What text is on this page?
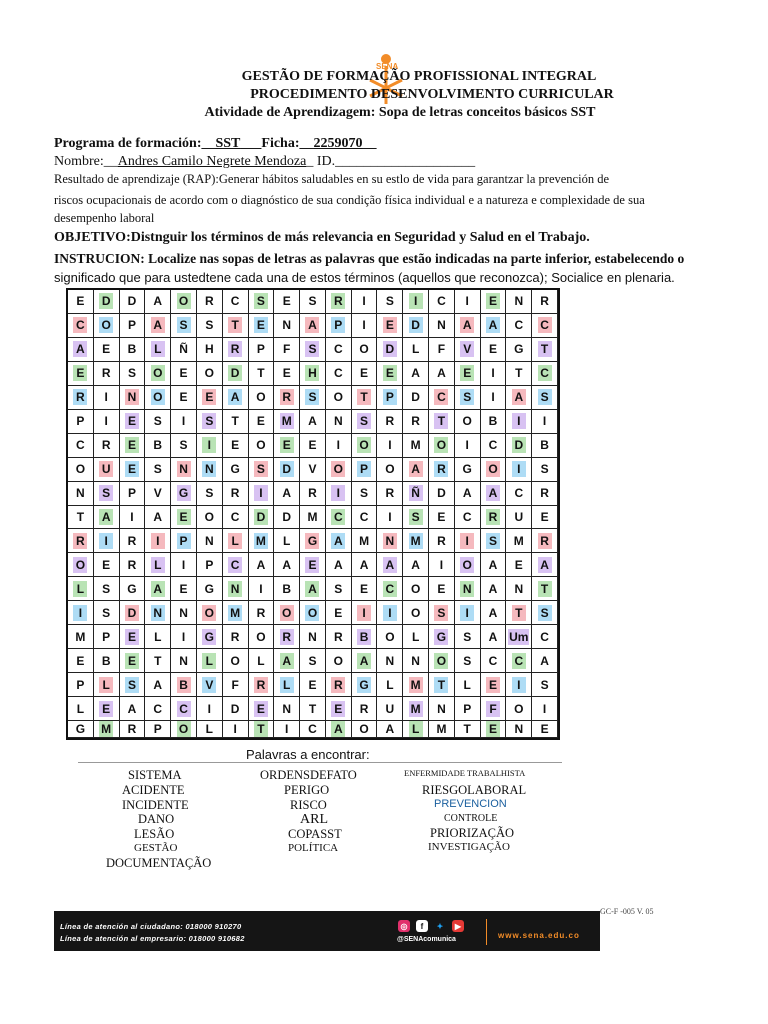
SENA
GESTÃO DE FORMAÇÃO PROFISSIONAL INTEGRAL
PROCEDIMENTO DESENVOLVIMENTO CURRICULAR
Atividade de Aprendizagem: Sopa de letras conceitos básicos SST
Programa de formación:__SST___Ficha:__2259070__
Nombre:__Andres Camilo Negrete Mendoza_ ID.____________________
Resultado de aprendizaje (RAP):Generar hábitos saludables en su estlo de vida para garantzar la prevención de
riscos ocupacionais de acordo com o diagnóstico de sua condição física individual e a natureza e complexidade de sua
desempenho laboral
OBJETIVO:Distnguir los términos de más relevancia en Seguridad y Salud en el Trabajo.
INSTRUCION: Localize nas sopas de letras as palavras que estão indicadas na parte inferior, estabelecendo o
significado que para ustedtene cada una de estos términos (aquellos que reconozca); Socialice en plenaria.
E D D A O R C S E S R	I	S	I	C	I	E N R
C O P A S S T E N A P	I	E D N A A C C
A E B L Ñ H R P F S C O D L F V E G T
E R S O E O D T E H C E E A A E	I	T C
R	I	N O E E A O R S O T P D C S	I	A S
P	I	E S	I	S T E M A N S R R T O B	I	I
C R E B S	I	E O E E	I	O	I	M O	I	C D B
O U E S N N G S D V O P O A R G O	I	S
N S P V G S R	I	A R	I	S R Ñ D A A C R
T A	I	A E O C D D M C C	I	S E C R U E
R	I	R	I	P N L M L G A M N M R	I	S M R
O E R L	I	P C A A E A A A A	I	O A E A
L S G A E G N	I	B A S E C O E N A N T
I	S D N N O M R O O E	I	I	O S	I	A T S
M P E L	I	G R O R N R B O L G S A Um C
E B E T N L O L A S O A N N O S C C A
P L S A B V F R L E R G L M T L E	I	S
L E A C C	I	D E N T E R U M N P F O	I
G M R P O L	I	T	I	C A O A L M T E N E
Palavras a encontrar:
SISTEMA
ACIDENTE
INCIDENTE
DANO
LESÃO
GESTÃO
DOCUMENTAÇÃO
ORDENSDEFATO
PERIGO
RISCO
ARL
COPASST
POLÍTICA
ENFERMIDADE TRABALHISTA
RIESGOLABORAL
PREVENCION
CONTROLE
PRIORIZAÇÃO
INVESTIGAÇÃO
GC-F -005 V. 05
Línea de atención al ciudadano: 018000 910270
Línea de atención al empresario: 018000 910682
◎	f	✦	▶
@SENAcomunica	www.sena.edu.co
